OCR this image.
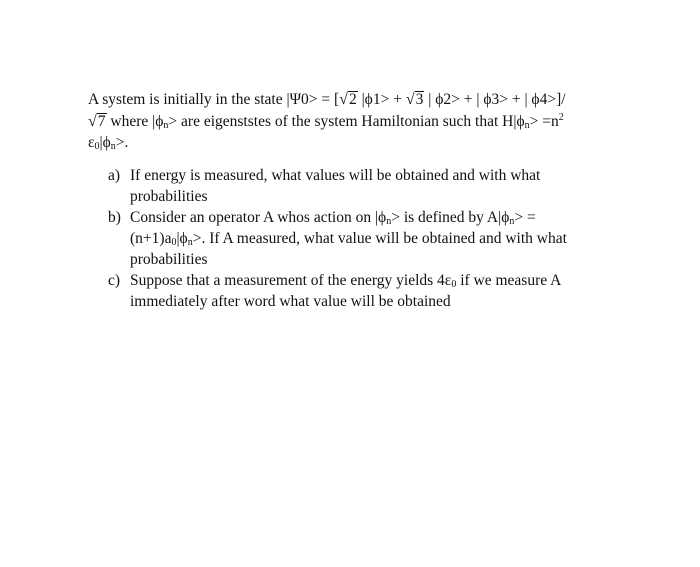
A system is initially in the state |Ψ0> = [√2 |ϕ1> + √3 | ϕ2> + | ϕ3> + | ϕ4>]/
√7 where $|\phi_n>$ are eigenststes of the system Hamiltonian such that $H|\phi_n> =n^2$
$\varepsilon_0|\phi_n>$.
a) If energy is measured, what values will be obtained and with what
probabilities
b) Consider an operator A whos action on $|\phi_n>$ is defined by $A|\phi_n>$ =
$(n+1)a_0|\phi_n>$. If A measured, what value will be obtained and with what
probabilities
c) Suppose that a measurement of the energy yields $4\varepsilon_0$ if we measure A
immediately after word what value will be obtained
